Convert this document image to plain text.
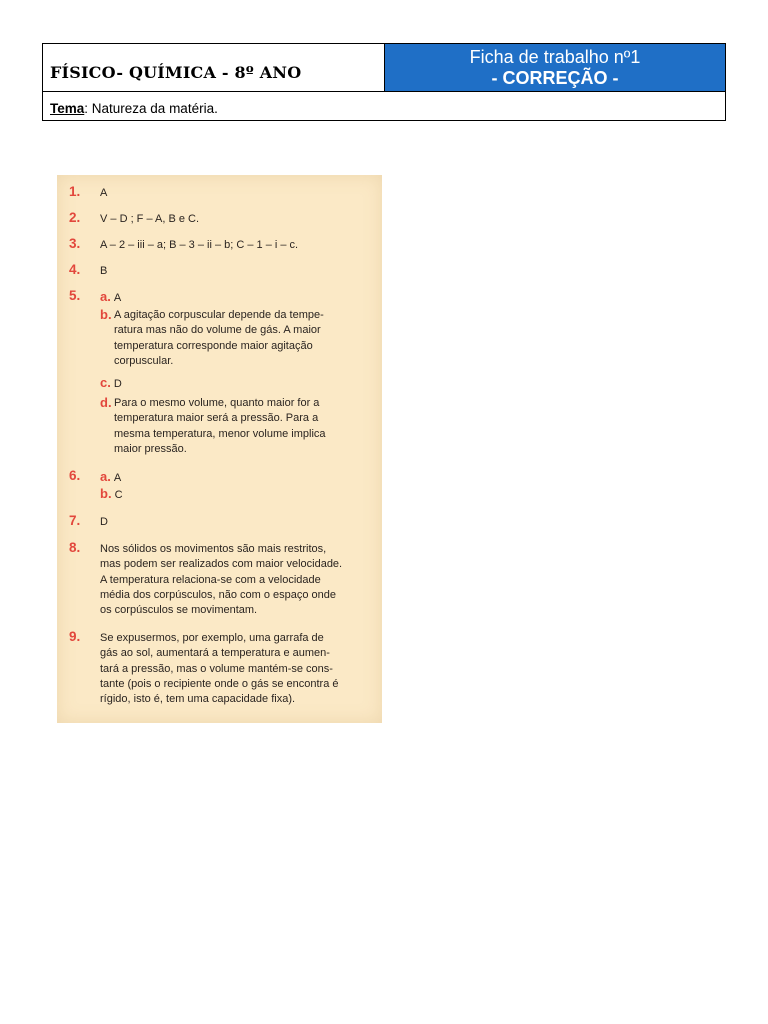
FÍSICO- QUÍMICA - 8º ANO
Ficha de trabalho nº1
- CORREÇÃO -
Tema: Natureza da matéria.
1.	A
2.	V – D ; F – A, B e C.
3.	A – 2 – iii – a; B – 3 – ii – b; C – 1 – i – c.
4.	B
5.	a. A
b. A agitação corpuscular depende da tempe-
ratura mas não do volume de gás. A maior
temperatura corresponde maior agitação
corpuscular.
c. D
d. Para o mesmo volume, quanto maior for a
temperatura maior será a pressão. Para a
mesma temperatura, menor volume implica
maior pressão.
6.	a. A
b. C
7.	D
8.	Nos sólidos os movimentos são mais restritos,
mas podem ser realizados com maior velocidade.
A temperatura relaciona-se com a velocidade
média dos corpúsculos, não com o espaço onde
os corpúsculos se movimentam.
9.	Se expusermos, por exemplo, uma garrafa de
gás ao sol, aumentará a temperatura e aumen-
tará a pressão, mas o volume mantém-se cons-
tante (pois o recipiente onde o gás se encontra é
rígido, isto é, tem uma capacidade fixa).
